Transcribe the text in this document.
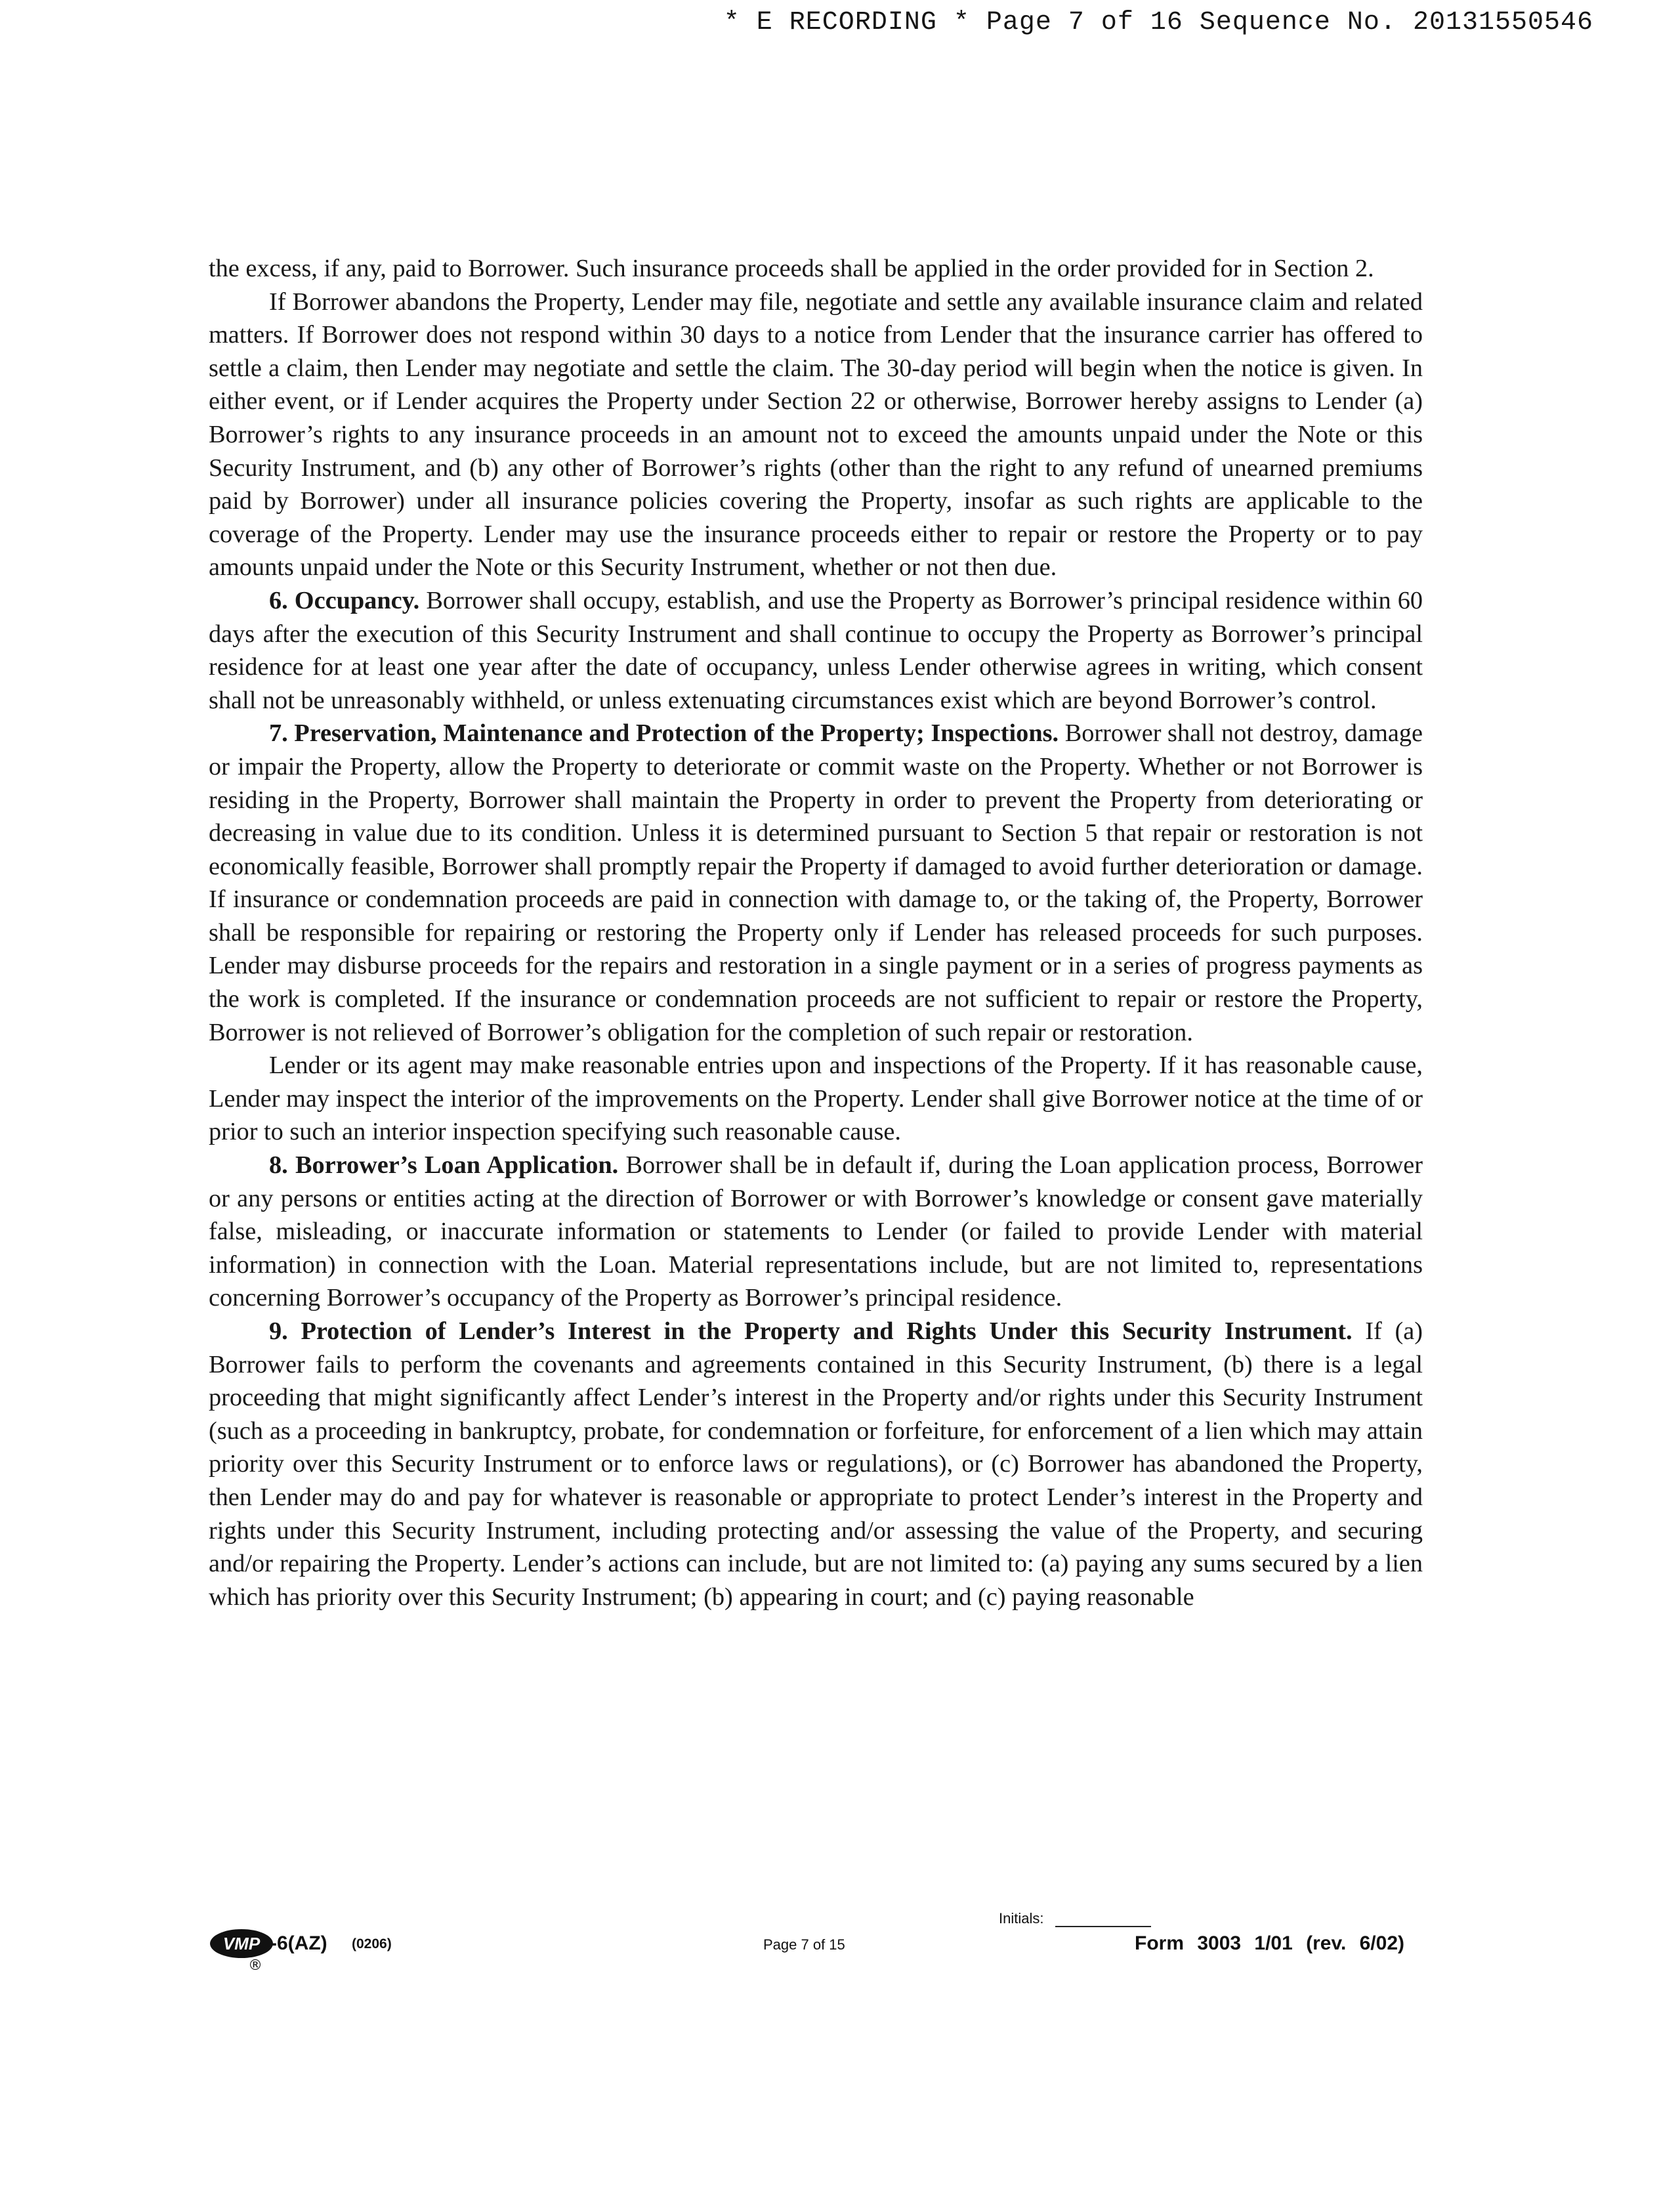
* E RECORDING * Page 7 of 16 Sequence No. 20131550546

the excess, if any, paid to Borrower. Such insurance proceeds shall be applied in the order provided for in Section 2.

If Borrower abandons the Property, Lender may file, negotiate and settle any available insurance claim and related matters. If Borrower does not respond within 30 days to a notice from Lender that the insurance carrier has offered to settle a claim, then Lender may negotiate and settle the claim. The 30-day period will begin when the notice is given. In either event, or if Lender acquires the Property under Section 22 or otherwise, Borrower hereby assigns to Lender (a) Borrower’s rights to any insurance proceeds in an amount not to exceed the amounts unpaid under the Note or this Security Instrument, and (b) any other of Borrower’s rights (other than the right to any refund of unearned premiums paid by Borrower) under all insurance policies covering the Property, insofar as such rights are applicable to the coverage of the Property. Lender may use the insurance proceeds either to repair or restore the Property or to pay amounts unpaid under the Note or this Security Instrument, whether or not then due.

6. Occupancy. Borrower shall occupy, establish, and use the Property as Borrower’s principal residence within 60 days after the execution of this Security Instrument and shall continue to occupy the Property as Borrower’s principal residence for at least one year after the date of occupancy, unless Lender otherwise agrees in writing, which consent shall not be unreasonably withheld, or unless extenuating circumstances exist which are beyond Borrower’s control.

7. Preservation, Maintenance and Protection of the Property; Inspections. Borrower shall not destroy, damage or impair the Property, allow the Property to deteriorate or commit waste on the Property. Whether or not Borrower is residing in the Property, Borrower shall maintain the Property in order to prevent the Property from deteriorating or decreasing in value due to its condition. Unless it is determined pursuant to Section 5 that repair or restoration is not economically feasible, Borrower shall promptly repair the Property if damaged to avoid further deterioration or damage. If insurance or condemnation proceeds are paid in connection with damage to, or the taking of, the Property, Borrower shall be responsible for repairing or restoring the Property only if Lender has released proceeds for such purposes. Lender may disburse proceeds for the repairs and restoration in a single payment or in a series of progress payments as the work is completed. If the insurance or condemnation proceeds are not sufficient to repair or restore the Property, Borrower is not relieved of Borrower’s obligation for the completion of such repair or restoration.

Lender or its agent may make reasonable entries upon and inspections of the Property. If it has reasonable cause, Lender may inspect the interior of the improvements on the Property. Lender shall give Borrower notice at the time of or prior to such an interior inspection specifying such reasonable cause.

8. Borrower’s Loan Application. Borrower shall be in default if, during the Loan application process, Borrower or any persons or entities acting at the direction of Borrower or with Borrower’s knowledge or consent gave materially false, misleading, or inaccurate information or statements to Lender (or failed to provide Lender with material information) in connection with the Loan. Material representations include, but are not limited to, representations concerning Borrower’s occupancy of the Property as Borrower’s principal residence.

9. Protection of Lender’s Interest in the Property and Rights Under this Security Instrument. If (a) Borrower fails to perform the covenants and agreements contained in this Security Instrument, (b) there is a legal proceeding that might significantly affect Lender’s interest in the Property and/or rights under this Security Instrument (such as a proceeding in bankruptcy, probate, for condemnation or forfeiture, for enforcement of a lien which may attain priority over this Security Instrument or to enforce laws or regulations), or (c) Borrower has abandoned the Property, then Lender may do and pay for whatever is reasonable or appropriate to protect Lender’s interest in the Property and rights under this Security Instrument, including protecting and/or assessing the value of the Property, and securing and/or repairing the Property. Lender’s actions can include, but are not limited to: (a) paying any sums secured by a lien which has priority over this Security Instrument; (b) appearing in court; and (c) paying reasonable

VMP
®
-6(AZ) (0206)	Page 7 of 15
Initials:
Form 3003 1/01 (rev. 6/02)
